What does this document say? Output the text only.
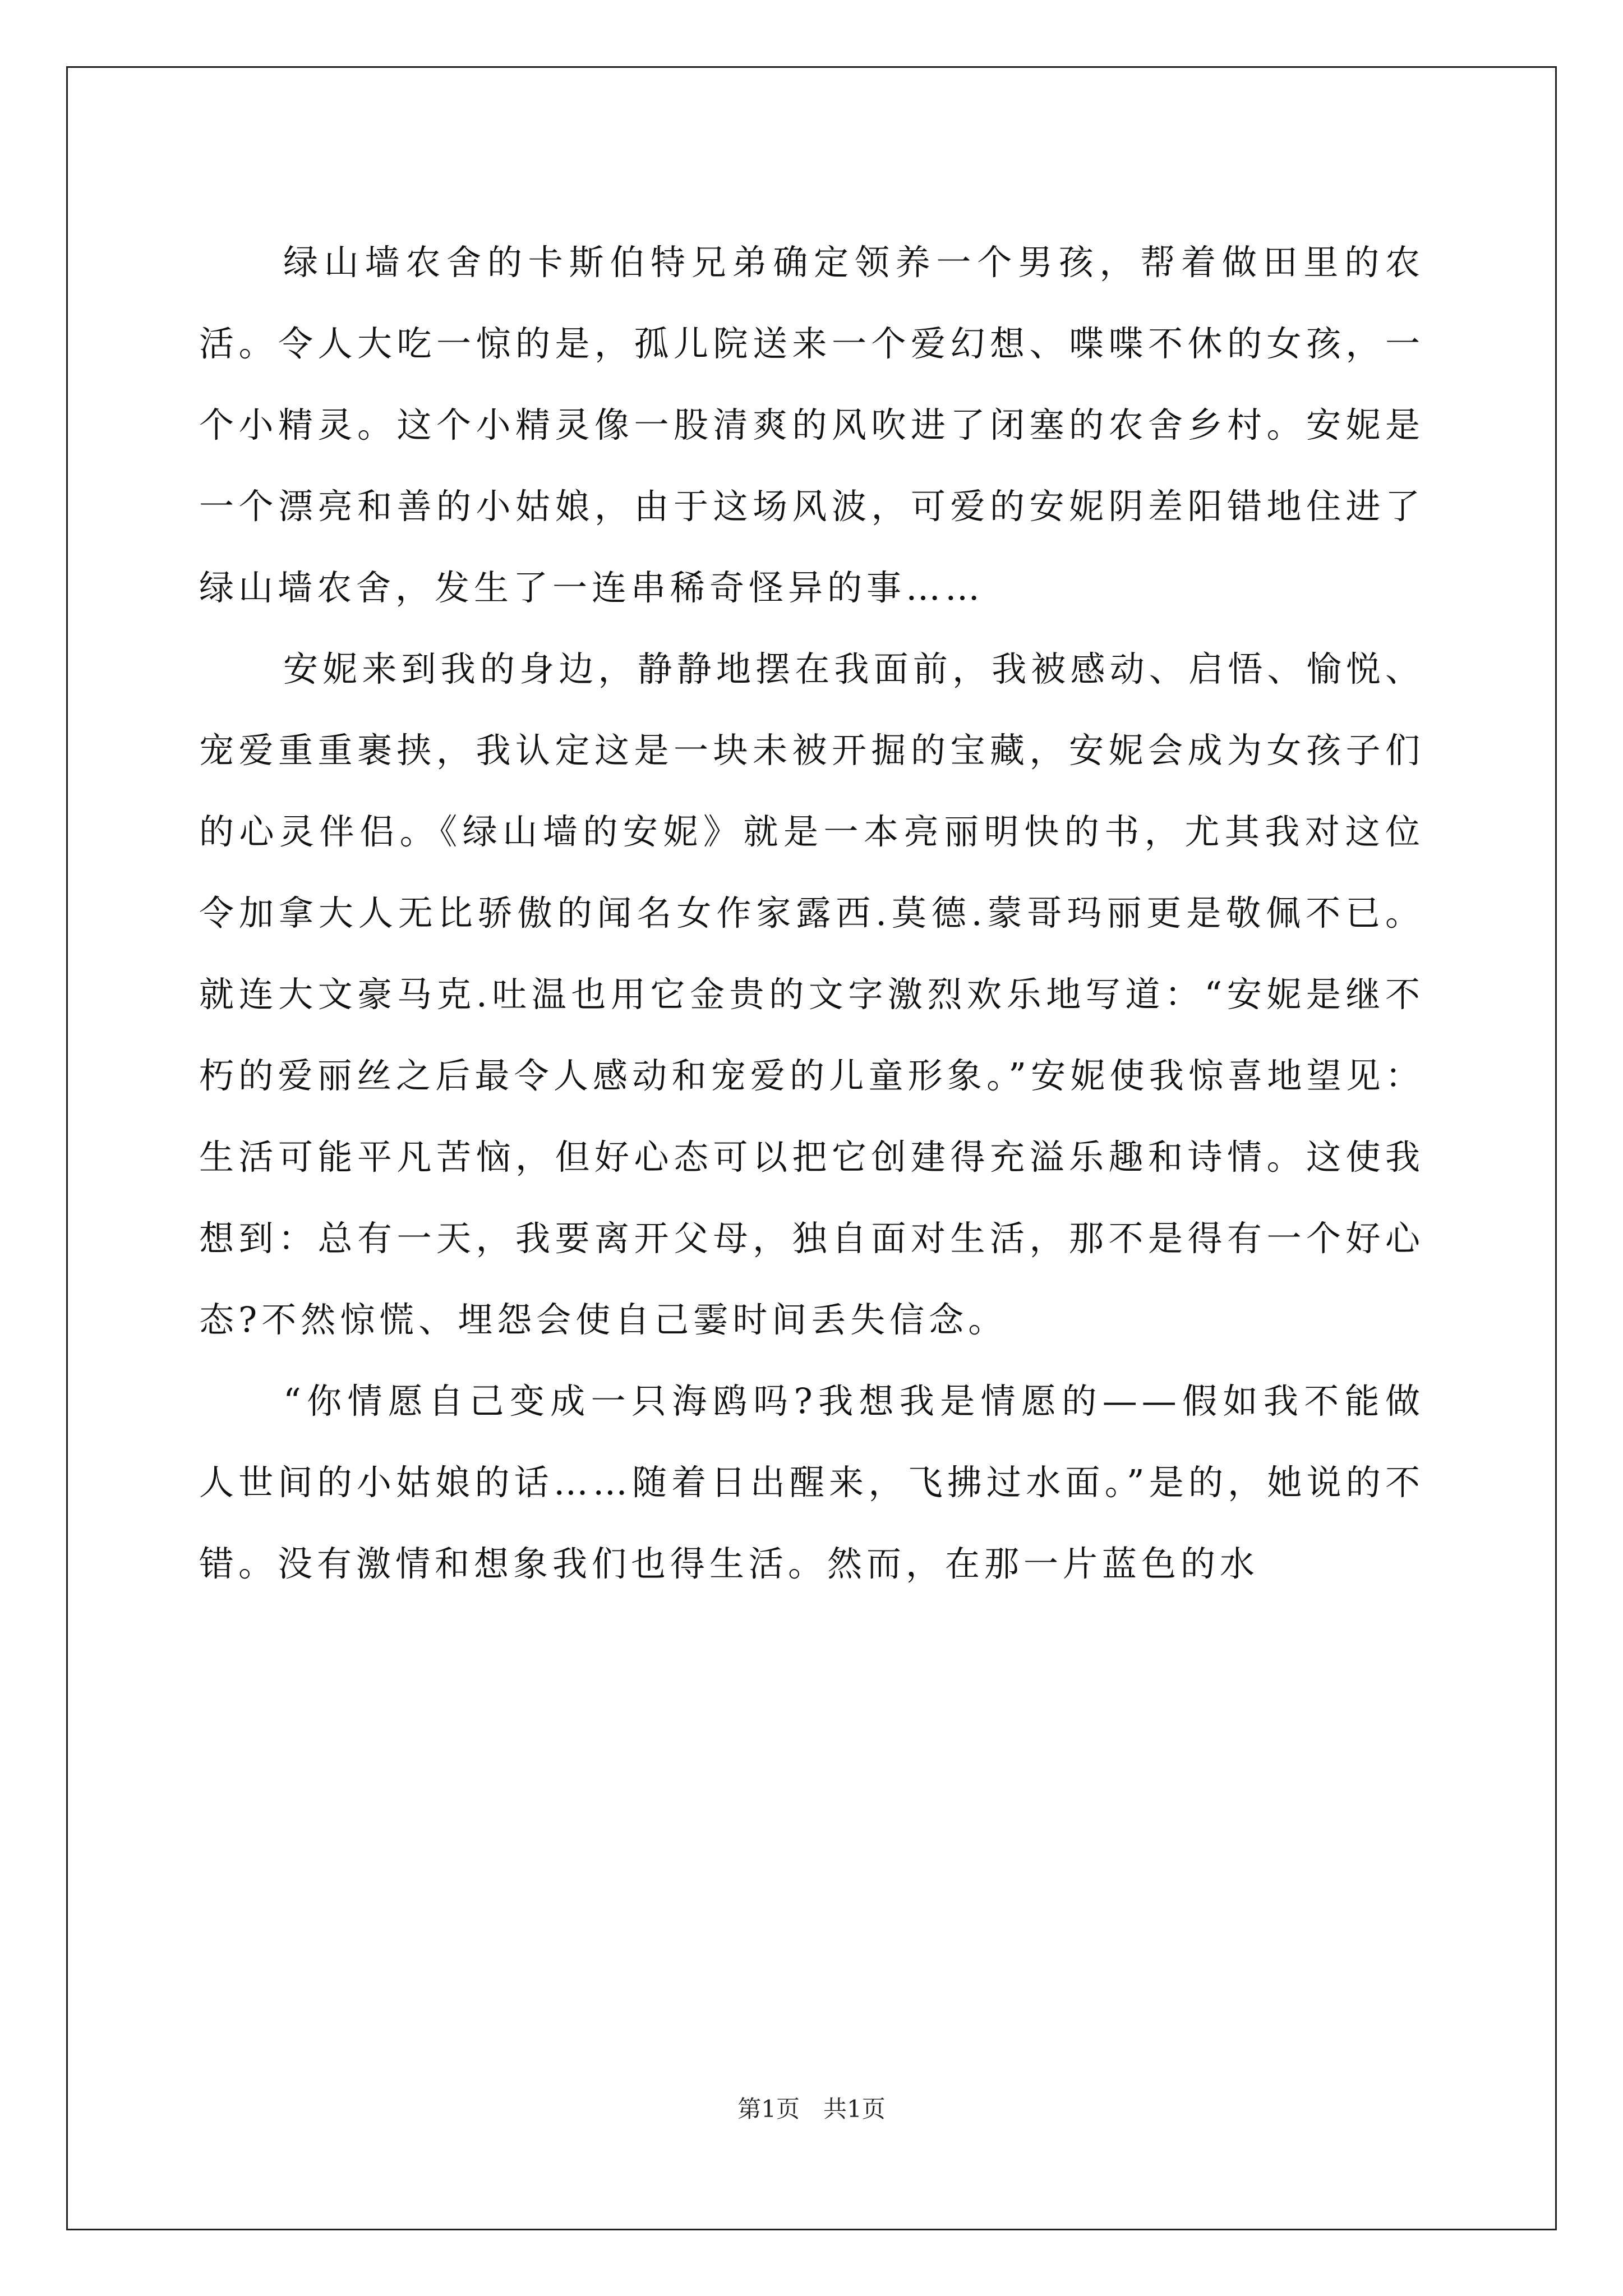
绿山墙农舍的卡斯伯特兄弟确定领养一个男孩，帮着做田里的农活。令人大吃一惊的是，孤儿院送来一个爱幻想、喋喋不休的女孩，一个小精灵。这个小精灵像一股清爽的风吹进了闭塞的农舍乡村。安妮是一个漂亮和善的小姑娘，由于这场风波，可爱的安妮阴差阳错地住进了绿山墙农舍，发生了一连串稀奇怪异的事……

安妮来到我的身边，静静地摆在我面前，我被感动、启悟、愉悦、宠爱重重裹挟，我认定这是一块未被开掘的宝藏，安妮会成为女孩子们的心灵伴侣。《绿山墙的安妮》就是一本亮丽明快的书，尤其我对这位令加拿大人无比骄傲的闻名女作家露西.莫德.蒙哥玛丽更是敬佩不已。就连大文豪马克.吐温也用它金贵的文字激烈欢乐地写道：“安妮是继不朽的爱丽丝之后最令人感动和宠爱的儿童形象。”安妮使我惊喜地望见：生活可能平凡苦恼，但好心态可以把它创建得充溢乐趣和诗情。这使我想到：总有一天，我要离开父母，独自面对生活，那不是得有一个好心态?不然惊慌、埋怨会使自己霎时间丢失信念。

“你情愿自己变成一只海鸥吗?我想我是情愿的——假如我不能做人世间的小姑娘的话……随着日出醒来，飞拂过水面。”是的，她说的不错。没有激情和想象我们也得生活。然而，在那一片蓝色的水

第1页　共1页
